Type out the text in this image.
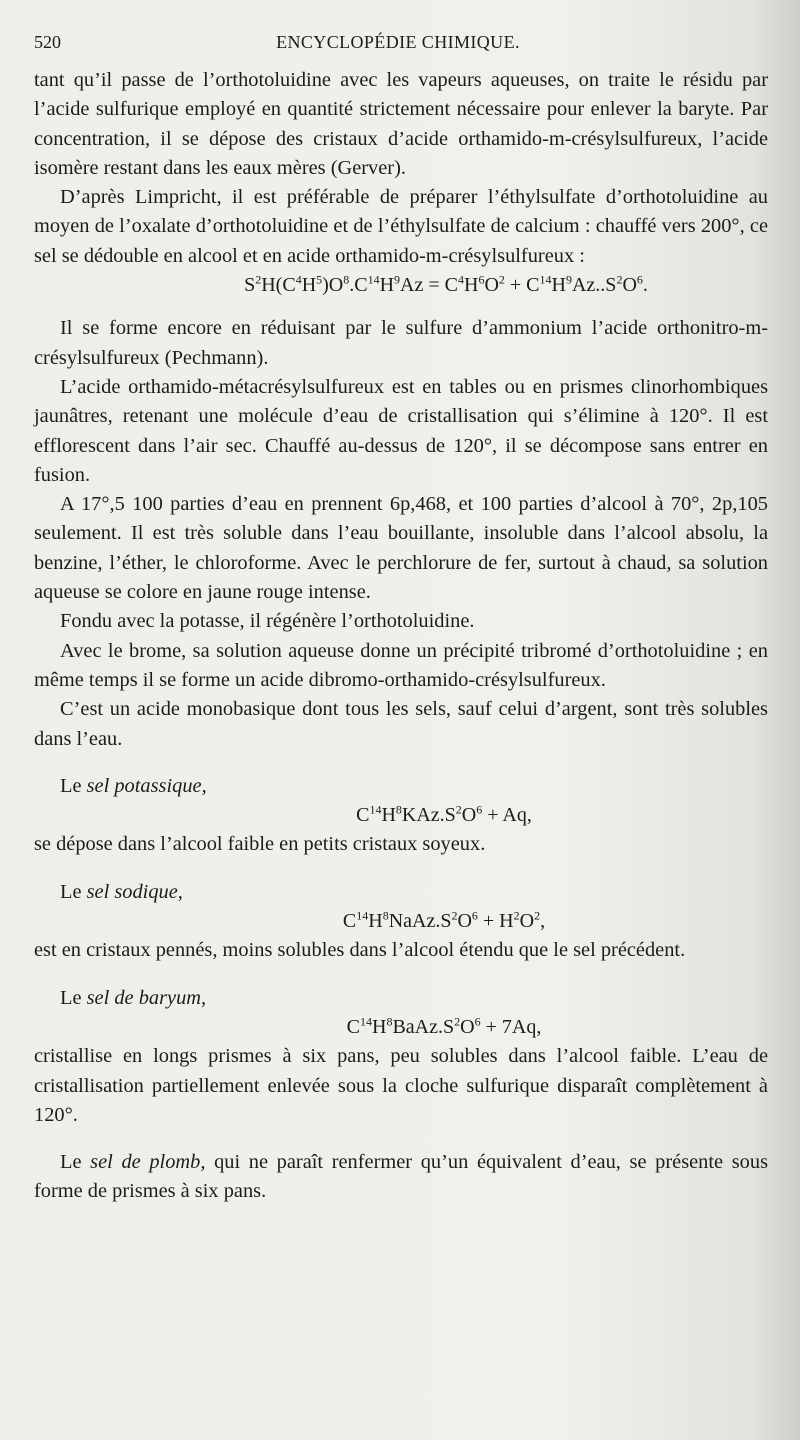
520	ENCYCLOPÉDIE CHIMIQUE.

tant qu’il passe de l’orthotoluidine avec les vapeurs aqueuses, on traite le résidu par l’acide sulfurique employé en quantité strictement nécessaire pour enlever la baryte. Par concentration, il se dépose des cristaux d’acide orthamido-m-crésylsulfureux, l’acide isomère restant dans les eaux mères (Gerver).

D’après Limpricht, il est préférable de préparer l’éthylsulfate d’orthotoluidine au moyen de l’oxalate d’orthotoluidine et de l’éthylsulfate de calcium : chauffé vers 200°, ce sel se dédouble en alcool et en acide orthamido-m-crésylsulfureux :

$S^2H(C^4H^5)O^8.C^{14}H^9Az = C^4H^6O^2 + C^{14}H^9Az..S^2O^6$.

Il se forme encore en réduisant par le sulfure d’ammonium l’acide orthonitro-m-crésylsulfureux (Pechmann).

L’acide orthamido-métacrésylsulfureux est en tables ou en prismes clinorhombiques jaunâtres, retenant une molécule d’eau de cristallisation qui s’élimine à 120°. Il est efflorescent dans l’air sec. Chauffé au-dessus de 120°, il se décompose sans entrer en fusion.

A 17°,5 100 parties d’eau en prennent 6p,468, et 100 parties d’alcool à 70°, 2p,105 seulement. Il est très soluble dans l’eau bouillante, insoluble dans l’alcool absolu, la benzine, l’éther, le chloroforme. Avec le perchlorure de fer, surtout à chaud, sa solution aqueuse se colore en jaune rouge intense.

Fondu avec la potasse, il régénère l’orthotoluidine.

Avec le brome, sa solution aqueuse donne un précipité tribromé d’orthotoluidine ; en même temps il se forme un acide dibromo-orthamido-crésylsulfureux.

C’est un acide monobasique dont tous les sels, sauf celui d’argent, sont très solubles dans l’eau.

Le sel potassique,

$C^{14}H^8KAz.S^2O^6 + Aq$,

se dépose dans l’alcool faible en petits cristaux soyeux.

Le sel sodique,

$C^{14}H^8NaAz.S^2O^6 + H^2O^2$,

est en cristaux pennés, moins solubles dans l’alcool étendu que le sel précédent.

Le sel de baryum,

$C^{14}H^8BaAz.S^2O^6 + 7Aq$,

cristallise en longs prismes à six pans, peu solubles dans l’alcool faible. L’eau de cristallisation partiellement enlevée sous la cloche sulfurique disparaît complètement à 120°.

Le sel de plomb, qui ne paraît renfermer qu’un équivalent d’eau, se présente sous forme de prismes à six pans.
